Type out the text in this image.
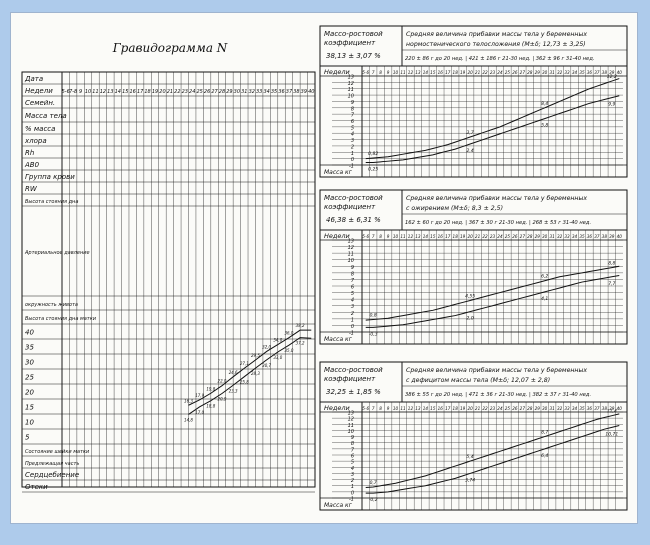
Гравидограмма N
Дата
Недели
Семейн.
Масса тела
% масса
хлора
Rh
АВ0
Группа крови
RW
Высота стояния дна
Артериальное давление
окружность живота
Высота стояния дна матки
40
35
30
25
20
15
10
5
Состояние шейки матки
Предлежащая часть
Сердцебиение
Отеки
5-6 7-8 9 10 11 12 13 14 15 16 17 18 19 20 21 22 23 24 25 26 27 28 29 30 31 32 33 34 35 36 37 38 39 40
14,8
16,3
17,0
17,9
18,8
19,8
20,9
22,0
23,3
24,6
25,8
27,1
28,3
29,5
30,7
32,0
33,0
34,0
35,0
36,0
37,2
38,2
Массо-ростовой
коэффициент
38,13 ± 3,07 %
Средняя величина прибавки массы тела у беременных
нормостенического телосложения (М±δ; 12,73 ± 3,25)
220 ± 86 г до 20 нед. | 421 ± 186 г 21-30 нед. | 362 ± 96 г 31-40 нед.
Недели
Масса кг
5-6 7 8 9 10 11 12 13 14 15 16 17 18 19 20 21 22 23 24 25 26 27 28 29 30 31 32 33 34 35 36 37 38 39 40
13
12
11
10
9
8
7
6
5
4
3
2
1
0
-1
0,82
0,25
3,7
2,4
8,4
5,8
12,2
9,9
Массо-ростовой
коэффициент
46,38 ± 6,31 %
Средняя величина прибавки массы тела у беременных
с ожирением (М±δ; 8,3 ± 2,5)
162 ± 60 г до 20 нед. | 367 ± 30 г 21-30 нед. | 268 ± 53 г 31-40 нед.
Недели
Масса кг
5-6 7 8 9 10 11 12 13 14 15 16 17 18 19 20 21 22 23 24 25 26 27 28 29 30 31 32 33 34 35 36 37 38 39 40
13
12
11
10
9
8
7
6
5
4
3
2
1
0
-1
0,8
-0,3
4,55
2,0
6,2
4,1
8,8
7,7
Массо-ростовой
коэффициент
32,25 ± 1,85 %
Средняя величина прибавки массы тела у беременных
с дефицитом массы тела (М±δ; 12,07 ± 2,8)
386 ± 55 г до 20 нед. | 471 ± 36 г 21-30 нед. | 382 ± 37 г 31-40 нед.
Недели
Масса кг
5-6 7 8 9 10 11 12 13 14 15 16 17 18 19 20 21 22 23 24 25 26 27 28 29 30 31 32 33 34 35 36 37 38 39 40
13
12
11
10
9
8
7
6
5
4
3
2
1
0
-1
0,7
-0,2
5,4
3,74
8,7
6,4
11,4
10,71
